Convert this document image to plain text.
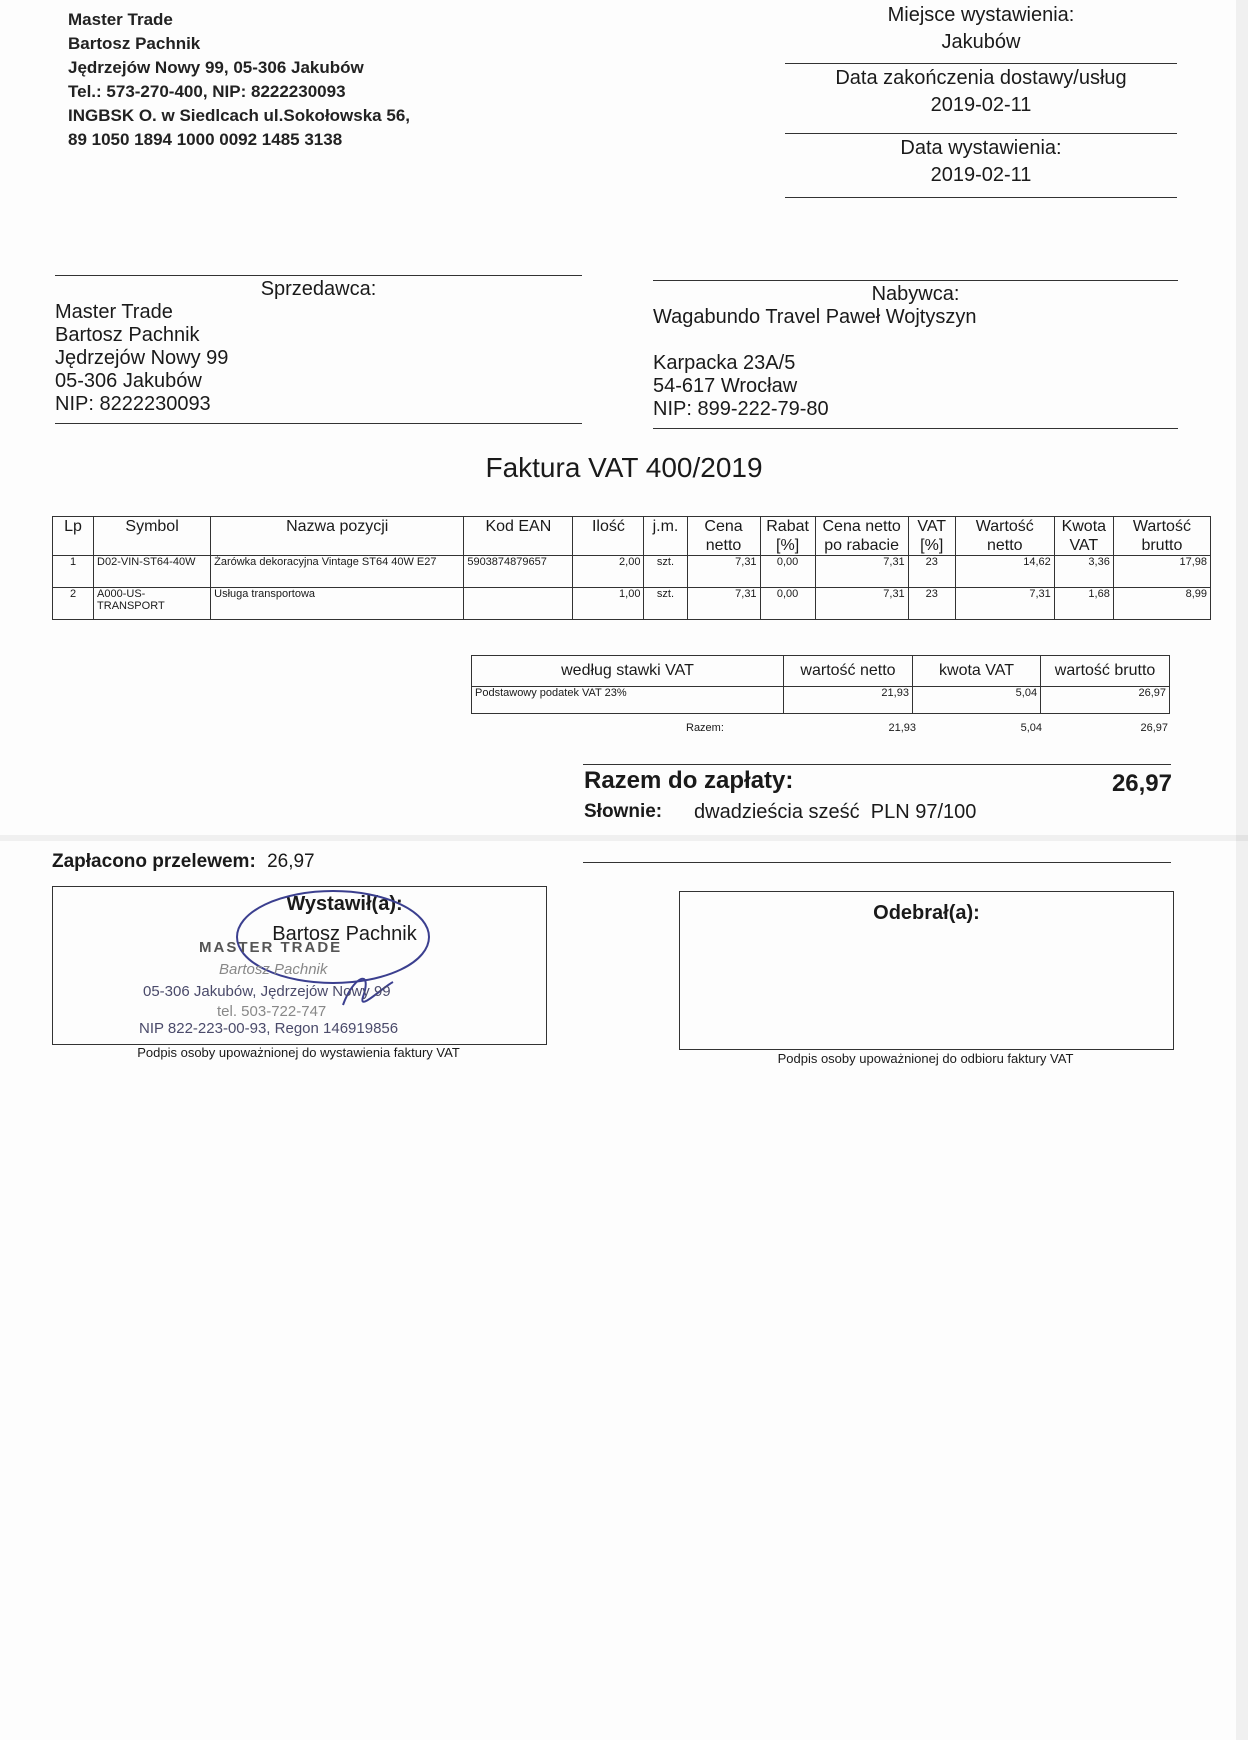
Master Trade
Bartosz Pachnik
Jędrzejów Nowy 99, 05-306 Jakubów
Tel.: 573-270-400, NIP: 8222230093
INGBSK O. w Siedlcach ul.Sokołowska 56,
89 1050 1894 1000 0092 1485 3138
Miejsce wystawienia:
Jakubów
Data zakończenia dostawy/usług
2019-02-11
Data wystawienia:
2019-02-11
Sprzedawca:
Master Trade
Bartosz Pachnik
Jędrzejów Nowy 99
05-306 Jakubów
NIP: 8222230093
Nabywca:
Wagabundo Travel Paweł Wojtyszyn
Karpacka 23A/5
54-617 Wrocław
NIP: 899-222-79-80
Faktura VAT 400/2019
Lp	Symbol	Nazwa pozycji	Kod EAN	Ilość	j.m.	Cena netto	Rabat [%]	Cena netto po rabacie	VAT [%]	Wartość netto	Kwota VAT	Wartość brutto
1	D02-VIN-ST64-40W	Żarówka dekoracyjna Vintage ST64 40W E27	5903874879657	2,00	szt.	7,31	0,00	7,31	23	14,62	3,36	17,98
2	A000-US-TRANSPORT	Usługa transportowa		1,00	szt.	7,31	0,00	7,31	23	7,31	1,68	8,99
według stawki VAT	wartość netto	kwota VAT	wartość brutto
Podstawowy podatek VAT 23%	21,93	5,04	26,97
Razem:	21,93	5,04	26,97
Razem do zapłaty:	26,97
Słownie: dwadzieścia sześć  PLN 97/100
Zapłacono przelewem: 26,97
Wystawił(a):
Bartosz Pachnik
MASTER TRADE
Bartosz Pachnik
05-306 Jakubów, Jędrzejów Nowy 99
tel. 503-722-747
NIP 822-223-00-93, Regon 146919856
Podpis osoby upoważnionej do wystawienia faktury VAT
Odebrał(a):
Podpis osoby upoważnionej do odbioru faktury VAT
